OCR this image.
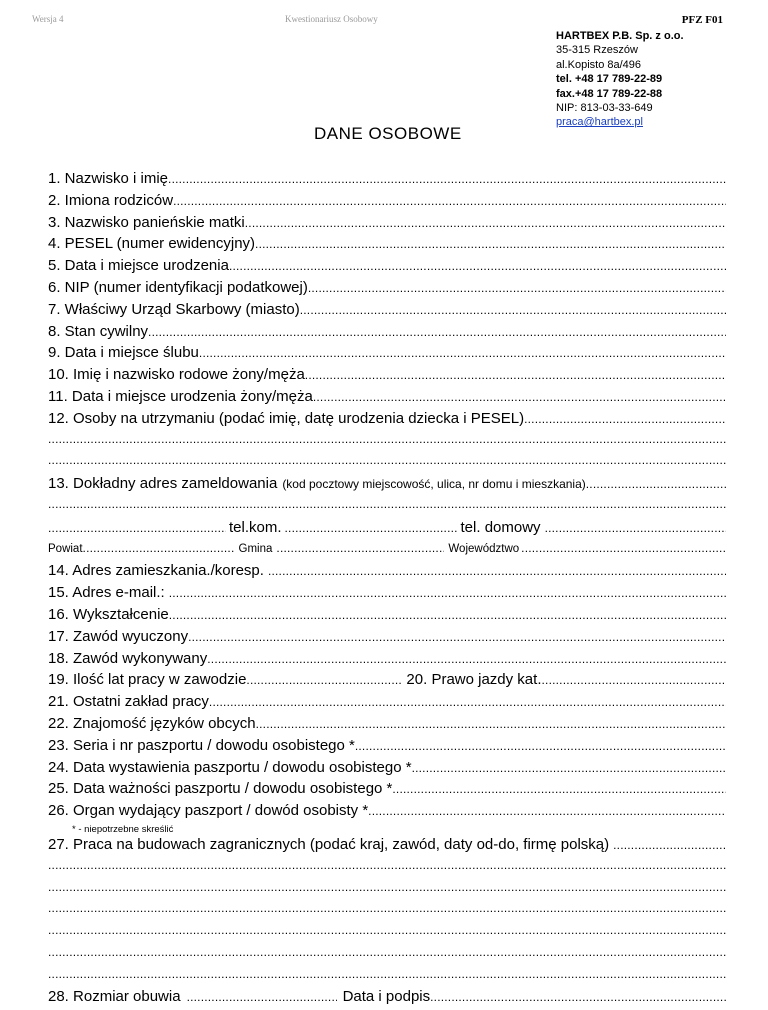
Wersja 4	Kwestionariusz Osobowy	PFZ F01
HARTBEX P.B. Sp. z o.o.
35-315 Rzeszów
al.Kopisto 8a/496
tel. +48 17 789-22-89
fax.+48 17 789-22-88
NIP: 813-03-33-649
praca@hartbex.pl
DANE OSOBOWE
1. Nazwisko i imię
.....
2. Imiona rodziców
.....
3. Nazwisko panieńskie matki
.....
4. PESEL (numer ewidencyjny)
.....
5. Data i miejsce urodzenia
.....
6. NIP (numer identyfikacji podatkowej)
.....
7. Właściwy Urząd Skarbowy (miasto)
.....
8. Stan cywilny
.....
9. Data i miejsce ślubu
.....
10. Imię i nazwisko rodowe żony/męża
.....
11. Data i miejsce urodzenia żony/męża
.....
12. Osoby na utrzymaniu (podać imię, datę urodzenia dziecka i PESEL)
.....
.....
.....
13. Dokładny adres zameldowania (kod pocztowy miejscowość, ulica, nr domu i mieszkania)
.....
.....
.....
tel.kom. .....	tel. domowy
.....
Powiat .....	Gmina .....	Województwo
.....
14. Adres zamieszkania./koresp.
.....
15. Adres e-mail.:
.....
16. Wykształcenie
.....
17. Zawód wyuczony
.....
18. Zawód wykonywany
.....
19. Ilość lat pracy w zawodzie .....	20. Prawo jazdy kat.
.....
21. Ostatni zakład pracy
.....
22. Znajomość języków obcych
.....
23. Seria i nr paszportu / dowodu osobistego *
.....
24. Data wystawienia paszportu / dowodu osobistego *
.....
25. Data ważności paszportu / dowodu osobistego *
.....
26. Organ wydający paszport / dowód osobisty *
.....
* - niepotrzebne skreślić
27. Praca na budowach zagranicznych (podać kraj, zawód, daty od-do, firmę polską)
.....
.....
.....
.....
.....
.....
.....
28. Rozmiar obuwia .....	Data i podpis
.....
